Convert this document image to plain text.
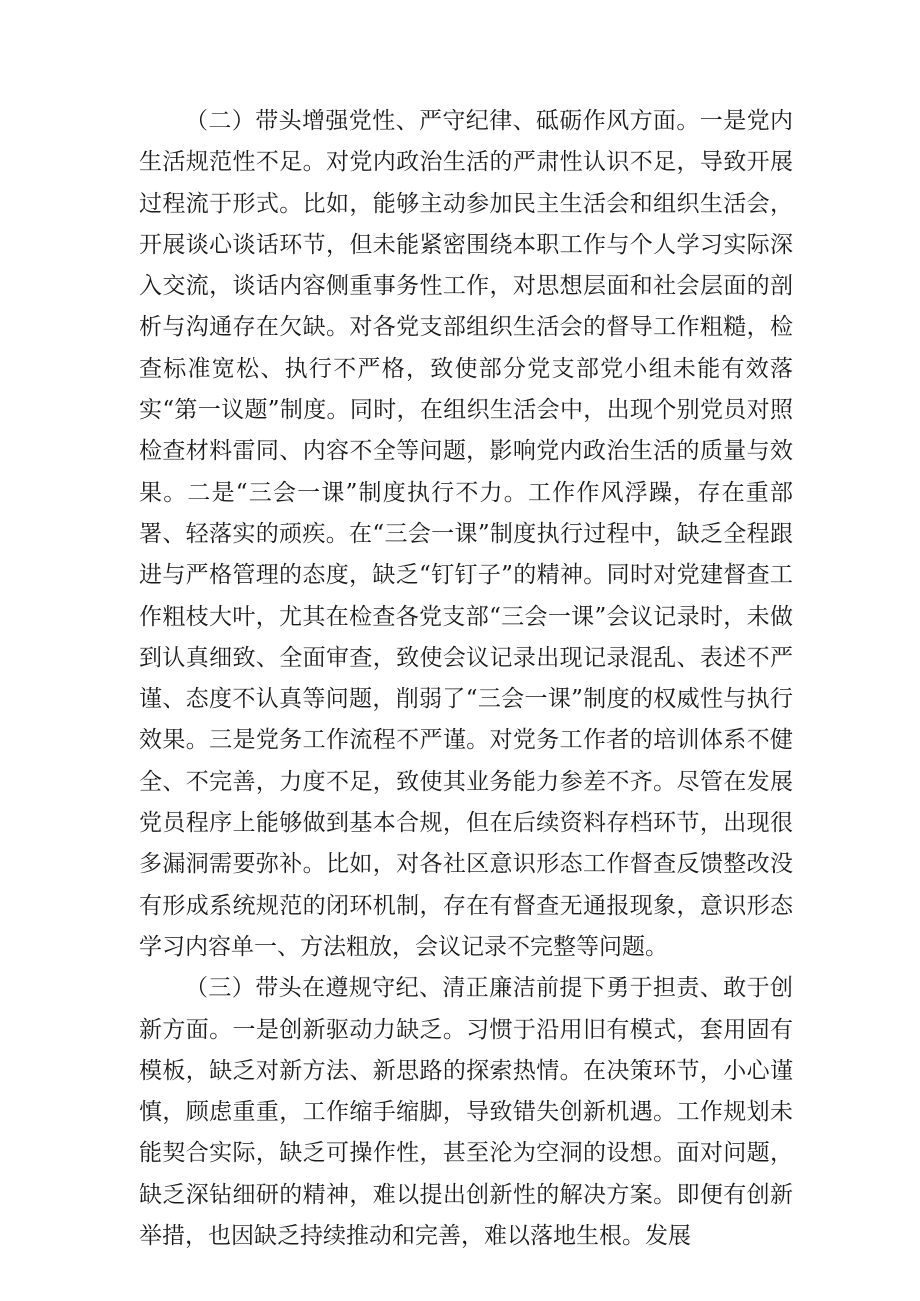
（二）带头增强党性、严守纪律、砥砺作风方面。一是党内生活规范性不足。对党内政治生活的严肃性认识不足，导致开展过程流于形式。比如，能够主动参加民主生活会和组织生活会，开展谈心谈话环节，但未能紧密围绕本职工作与个人学习实际深入交流，谈话内容侧重事务性工作，对思想层面和社会层面的剖析与沟通存在欠缺。对各党支部组织生活会的督导工作粗糙，检查标准宽松、执行不严格，致使部分党支部党小组未能有效落实“第一议题”制度。同时，在组织生活会中，出现个别党员对照检查材料雷同、内容不全等问题，影响党内政治生活的质量与效果。二是“三会一课”制度执行不力。工作作风浮躁，存在重部署、轻落实的顽疾。在“三会一课”制度执行过程中，缺乏全程跟进与严格管理的态度，缺乏“钉钉子”的精神。同时对党建督查工作粗枝大叶，尤其在检查各党支部“三会一课”会议记录时，未做到认真细致、全面审查，致使会议记录出现记录混乱、表述不严谨、态度不认真等问题，削弱了“三会一课”制度的权威性与执行效果。三是党务工作流程不严谨。对党务工作者的培训体系不健全、不完善，力度不足，致使其业务能力参差不齐。尽管在发展党员程序上能够做到基本合规，但在后续资料存档环节，出现很多漏洞需要弥补。比如，对各社区意识形态工作督查反馈整改没有形成系统规范的闭环机制，存在有督查无通报现象，意识形态学习内容单一、方法粗放，会议记录不完整等问题。

（三）带头在遵规守纪、清正廉洁前提下勇于担责、敢于创新方面。一是创新驱动力缺乏。习惯于沿用旧有模式，套用固有模板，缺乏对新方法、新思路的探索热情。在决策环节，小心谨慎，顾虑重重，工作缩手缩脚，导致错失创新机遇。工作规划未能契合实际，缺乏可操作性，甚至沦为空洞的设想。面对问题，缺乏深钻细研的精神，难以提出创新性的解决方案。即便有创新举措，也因缺乏持续推动和完善，难以落地生根。发展
